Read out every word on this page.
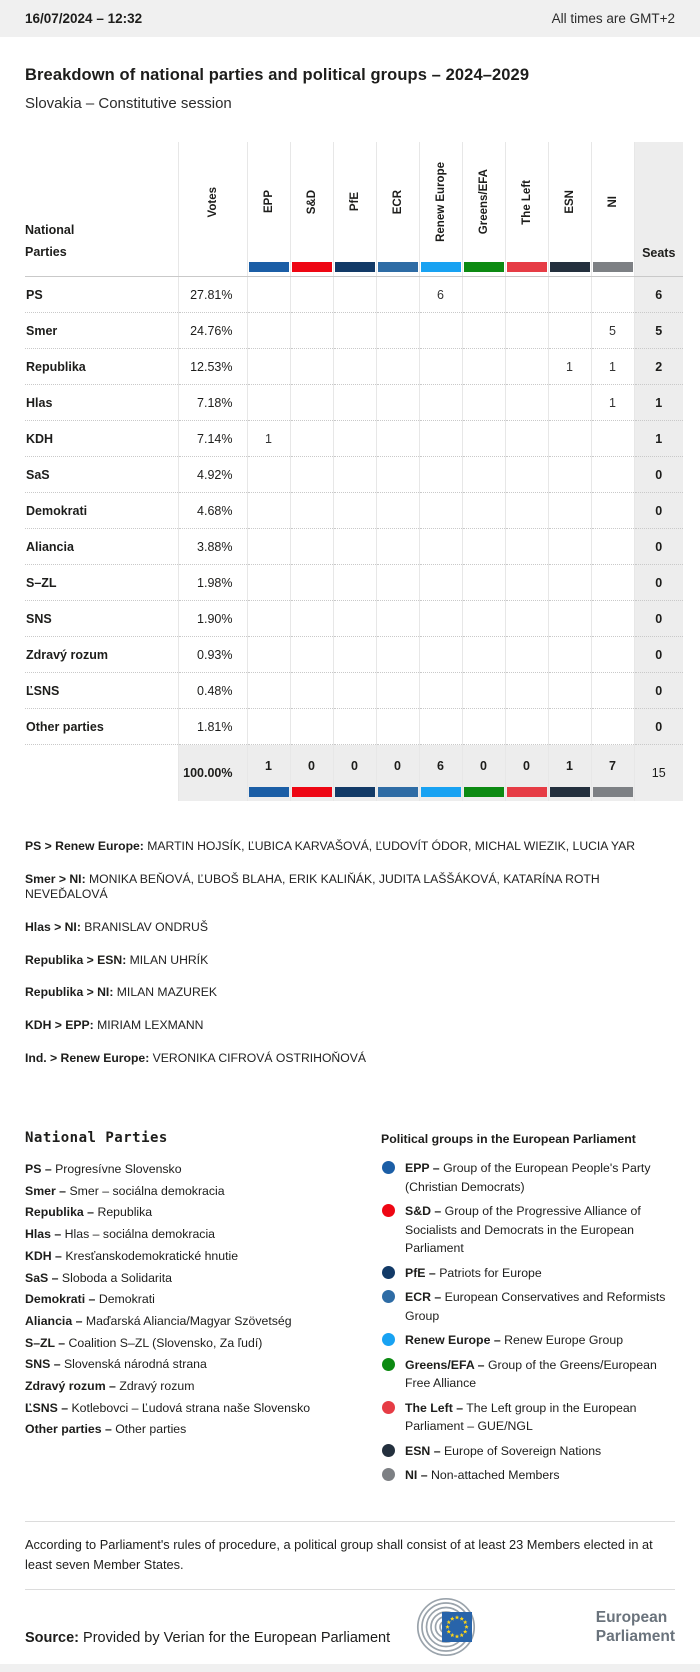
16/07/2024 – 12:32	All times are GMT+2
Breakdown of national parties and political groups – 2024–2029
Slovakia – Constitutive session
National
Parties	Votes	EPP	S&D	PfE	ECR	Renew Europe	Greens/EFA	The Left	ESN	NI	Seats

PS	27.81%					6					6
Smer	24.76%									5	5
Republika	12.53%								1	1	2
Hlas	7.18%									1	1
KDH	7.14%	1									1
SaS	4.92%										0
Demokrati	4.68%										0
Aliancia	3.88%										0
S–ZL	1.98%										0
SNS	1.90%										0
Zdravý rozum	0.93%										0
ĽSNS	0.48%										0
Other parties	1.81%										0
	100.00%	1	0	0	0	6	0	0	1	7	15

PS > Renew Europe: MARTIN HOJSÍK, ĽUBICA KARVAŠOVÁ, ĽUDOVÍT ÓDOR, MICHAL WIEZIK, LUCIA YAR

Smer > NI: MONIKA BEŇOVÁ, ĽUBOŠ BLAHA, ERIK KALIŇÁK, JUDITA LAŠŠÁKOVÁ, KATARÍNA ROTH NEVEĎALOVÁ

Hlas > NI: BRANISLAV ONDRUŠ

Republika > ESN: MILAN UHRÍK

Republika > NI: MILAN MAZUREK

KDH > EPP: MIRIAM LEXMANN

Ind. > Renew Europe: VERONIKA CIFROVÁ OSTRIHOŇOVÁ

National Parties
PS – Progresívne Slovensko
Smer – Smer – sociálna demokracia
Republika – Republika
Hlas – Hlas – sociálna demokracia
KDH – Kresťanskodemokratické hnutie
SaS – Sloboda a Solidarita
Demokrati – Demokrati
Aliancia – Maďarská Aliancia/Magyar Szövetség
S–ZL – Coalition S–ZL (Slovensko, Za ľudí)
SNS – Slovenská národná strana
Zdravý rozum – Zdravý rozum
ĽSNS – Kotlebovci – Ľudová strana naše Slovensko
Other parties – Other parties
Political groups in the European Parliament
EPP – Group of the European People's Party (Christian Democrats)
S&D – Group of the Progressive Alliance of Socialists and Democrats in the European Parliament
PfE – Patriots for Europe
ECR – European Conservatives and Reformists Group
Renew Europe – Renew Europe Group
Greens/EFA – Group of the Greens/European Free Alliance
The Left – The Left group in the European Parliament – GUE/NGL
ESN – Europe of Sovereign Nations
NI – Non-attached Members

According to Parliament's rules of procedure, a political group shall consist of at least 23 Members elected in at least seven Member States.

Source: Provided by Verian for the European Parliament
European
Parliament
